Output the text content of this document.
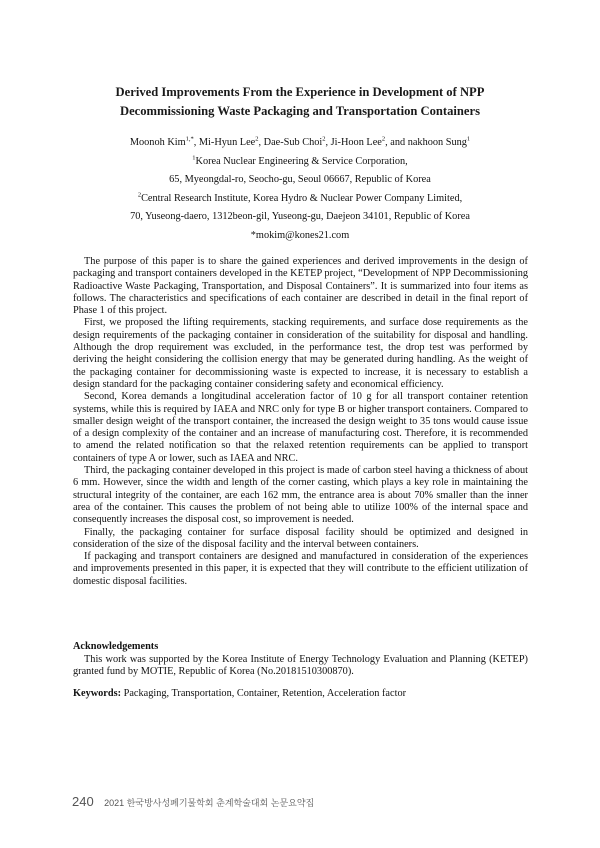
Derived Improvements From the Experience in Development of NPP
Decommissioning Waste Packaging and Transportation Containers

Moonoh Kim$^{1,*}$, Mi-Hyun Lee$^2$, Dae-Sub Choi$^2$, Ji-Hoon Lee$^2$, and nakhoon Sung$^1$

$^1$Korea Nuclear Engineering & Service Corporation,

65, Myeongdal-ro, Seocho-gu, Seoul 06667, Republic of Korea

$^2$Central Research Institute, Korea Hydro & Nuclear Power Company Limited,

70, Yuseong-daero, 1312beon-gil, Yuseong-gu, Daejeon 34101, Republic of Korea

*mokim@kones21.com

The purpose of this paper is to share the gained experiences and derived improvements in the design of packaging and transport containers developed in the KETEP project, “Development of NPP Decommissioning Radioactive Waste Packaging, Transportation, and Disposal Containers”. It is summarized into four items as follows. The characteristics and specifications of each container are described in detail in the final report of Phase 1 of this project.

First, we proposed the lifting requirements, stacking requirements, and surface dose requirements as the design requirements of the packaging container in consideration of the suitability for disposal and handling. Although the drop requirement was excluded, in the performance test, the drop test was performed by deriving the height considering the collision energy that may be generated during handling. As the weight of the packaging container for decommissioning waste is expected to increase, it is necessary to establish a design standard for the packaging container considering safety and economical efficiency.

Second, Korea demands a longitudinal acceleration factor of 10 g for all transport container retention systems, while this is required by IAEA and NRC only for type B or higher transport containers. Compared to smaller design weight of the transport container, the increased the design weight to 35 tons would cause issue of a design complexity of the container and an increase of manufacturing cost. Therefore, it is recommended to amend the related notification so that the relaxed retention requirements can be applied to transport containers of type A or lower, such as IAEA and NRC.

Third, the packaging container developed in this project is made of carbon steel having a thickness of about 6 mm. However, since the width and length of the corner casting, which plays a key role in maintaining the structural integrity of the container, are each 162 mm, the entrance area is about 70% smaller than the inner area of the container. This causes the problem of not being able to utilize 100% of the internal space and consequently increases the disposal cost, so improvement is needed.

Finally, the packaging container for surface disposal facility should be optimized and designed in consideration of the size of the disposal facility and the interval between containers.

If packaging and transport containers are designed and manufactured in consideration of the experiences and improvements presented in this paper, it is expected that they will contribute to the efficient utilization of domestic disposal facilities.

Acknowledgements
This work was supported by the Korea Institute of Energy Technology Evaluation and Planning (KETEP) granted fund by MOTIE, Republic of Korea (No.20181510300870).
Keywords: Packaging, Transportation, Container, Retention, Acceleration factor
240 2021 한국방사성폐기물학회 춘계학술대회 논문요약집
